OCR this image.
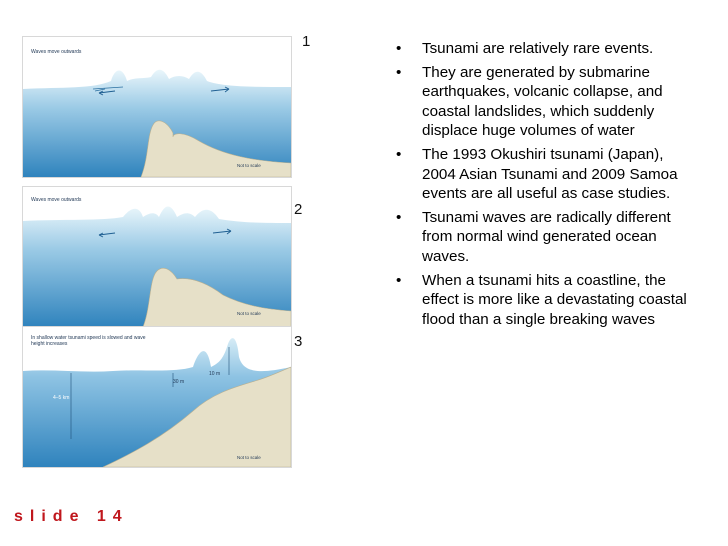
Waves move outwards
Not to scale
Waves move outwards
Not to scale
In shallow water tsunami speed is slowed and wave height increases
4–5 km
10 m
30 m
Not to scale
1
2
3
• Tsunami are relatively rare events.
• They are generated by submarine earthquakes, volcanic collapse, and coastal landslides, which suddenly displace huge volumes of water
• The 1993 Okushiri tsunami (Japan), 2004 Asian Tsunami and 2009 Samoa events are all useful as case studies.
• Tsunami waves are radically different from normal wind generated ocean waves.
• When a tsunami hits a coastline, the effect is more like a devastating coastal flood than a single breaking waves
slide 14
